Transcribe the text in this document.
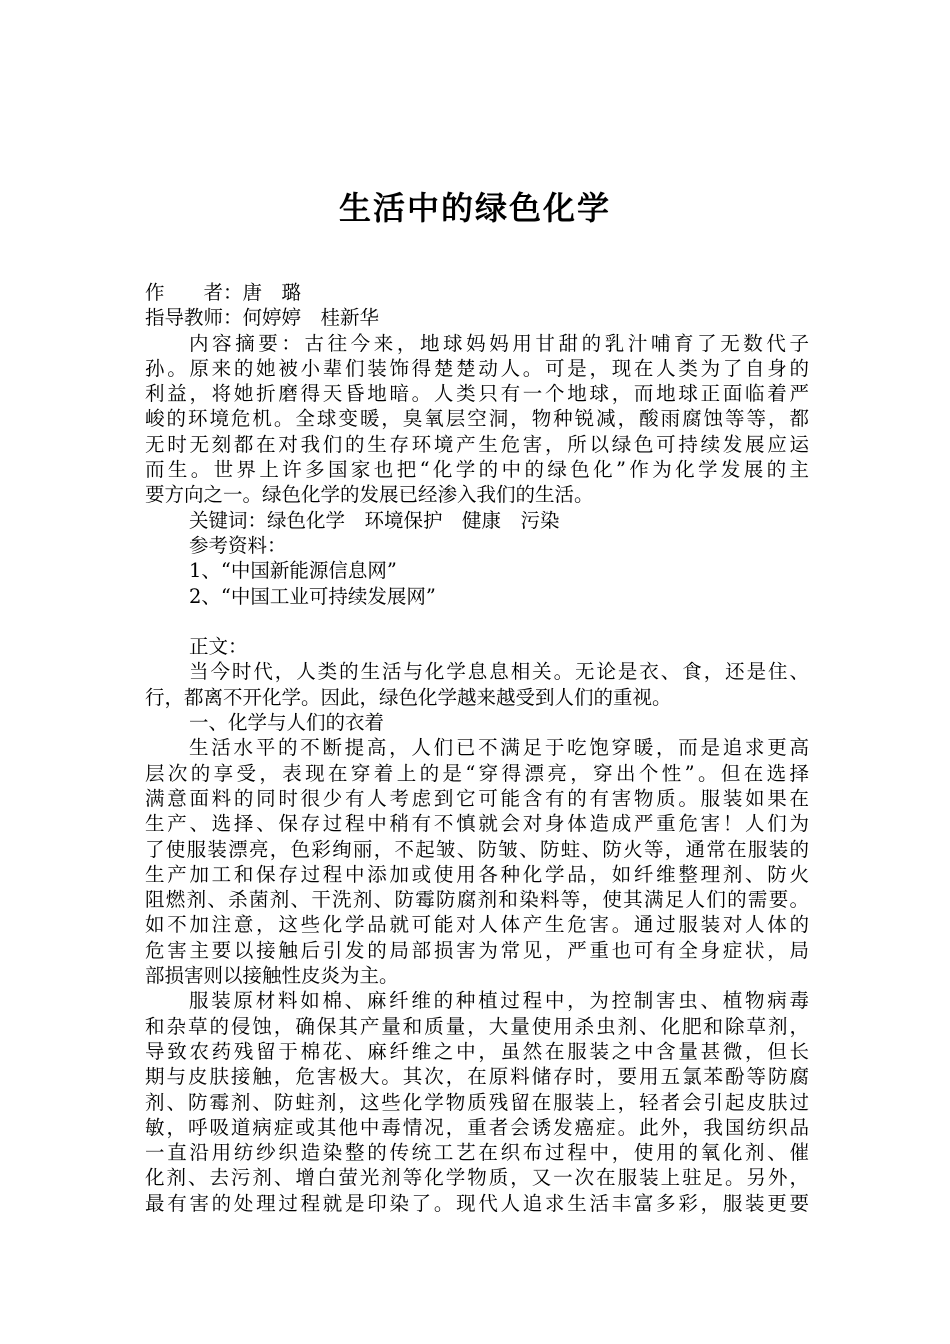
生活中的绿色化学
作　　者：唐　璐
指导教师：何婷婷　桂新华
内容摘要：古往今来，地球妈妈用甘甜的乳汁哺育了无数代子
孙。原来的她被小辈们装饰得楚楚动人。可是，现在人类为了自身的
利益，将她折磨得天昏地暗。人类只有一个地球，而地球正面临着严
峻的环境危机。全球变暖，臭氧层空洞，物种锐减，酸雨腐蚀等等，都
无时无刻都在对我们的生存环境产生危害，所以绿色可持续发展应运
而生。世界上许多国家也把“化学的中的绿色化”作为化学发展的主
要方向之一。绿色化学的发展已经渗入我们的生活。
关键词：绿色化学　环境保护　健康　污染
参考资料：
1、“中国新能源信息网”
2、“中国工业可持续发展网”
正文：
当今时代，人类的生活与化学息息相关。无论是衣、食，还是住、
行，都离不开化学。因此，绿色化学越来越受到人们的重视。
一、化学与人们的衣着
生活水平的不断提高，人们已不满足于吃饱穿暖，而是追求更高
层次的享受，表现在穿着上的是“穿得漂亮，穿出个性”。但在选择
满意面料的同时很少有人考虑到它可能含有的有害物质。服装如果在
生产、选择、保存过程中稍有不慎就会对身体造成严重危害！人们为
了使服装漂亮，色彩绚丽，不起皱、防皱、防蛀、防火等，通常在服装的
生产加工和保存过程中添加或使用各种化学品，如纤维整理剂、防火
阻燃剂、杀菌剂、干洗剂、防霉防腐剂和染料等，使其满足人们的需要。
如不加注意，这些化学品就可能对人体产生危害。通过服装对人体的
危害主要以接触后引发的局部损害为常见，严重也可有全身症状，局
部损害则以接触性皮炎为主。
服装原材料如棉、麻纤维的种植过程中，为控制害虫、植物病毒
和杂草的侵蚀，确保其产量和质量，大量使用杀虫剂、化肥和除草剂，
导致农药残留于棉花、麻纤维之中，虽然在服装之中含量甚微，但长
期与皮肤接触，危害极大。其次，在原料储存时，要用五氯苯酚等防腐
剂、防霉剂、防蛀剂，这些化学物质残留在服装上，轻者会引起皮肤过
敏，呼吸道病症或其他中毒情况，重者会诱发癌症。此外，我国纺织品
一直沿用纺纱织造染整的传统工艺在织布过程中，使用的氧化剂、催
化剂、去污剂、增白萤光剂等化学物质，又一次在服装上驻足。另外，
最有害的处理过程就是印染了。现代人追求生活丰富多彩，服装更要
